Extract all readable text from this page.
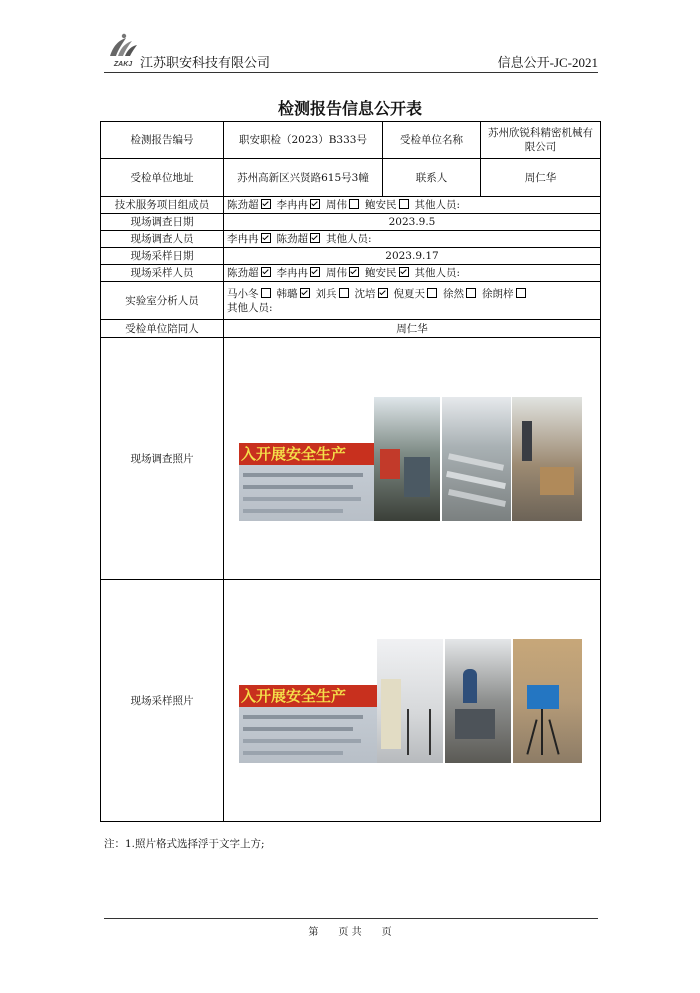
ZAKJ 江苏职安科技有限公司	信息公开-JC-2021
检测报告信息公开表
检测报告编号	职安职检（2023）B333号	受检单位名称	苏州欣锐科精密机械有限公司
受检单位地址	苏州高新区兴贤路615号3幢	联系人	周仁华
技术服务项目组成员	陈劲超 李冉冉 周伟 鲍安民 其他人员:		
现场调查日期	2023.9.5		
现场调查人员	李冉冉 陈劲超 其他人员:		
现场采样日期	2023.9.17		
现场采样人员	陈劲超 李冉冉 周伟 鲍安民 其他人员:		
实验室分析人员	马小冬 韩璐 刘兵 沈培 倪夏天 徐然 徐朗梓
其他人员:		
受检单位陪同人	周仁华		
现场调查照片	入开展安全生产		

现场采样照片	入开展安全生产		
注：1.照片格式选择浮于文字上方;
第　　页 共　　页
